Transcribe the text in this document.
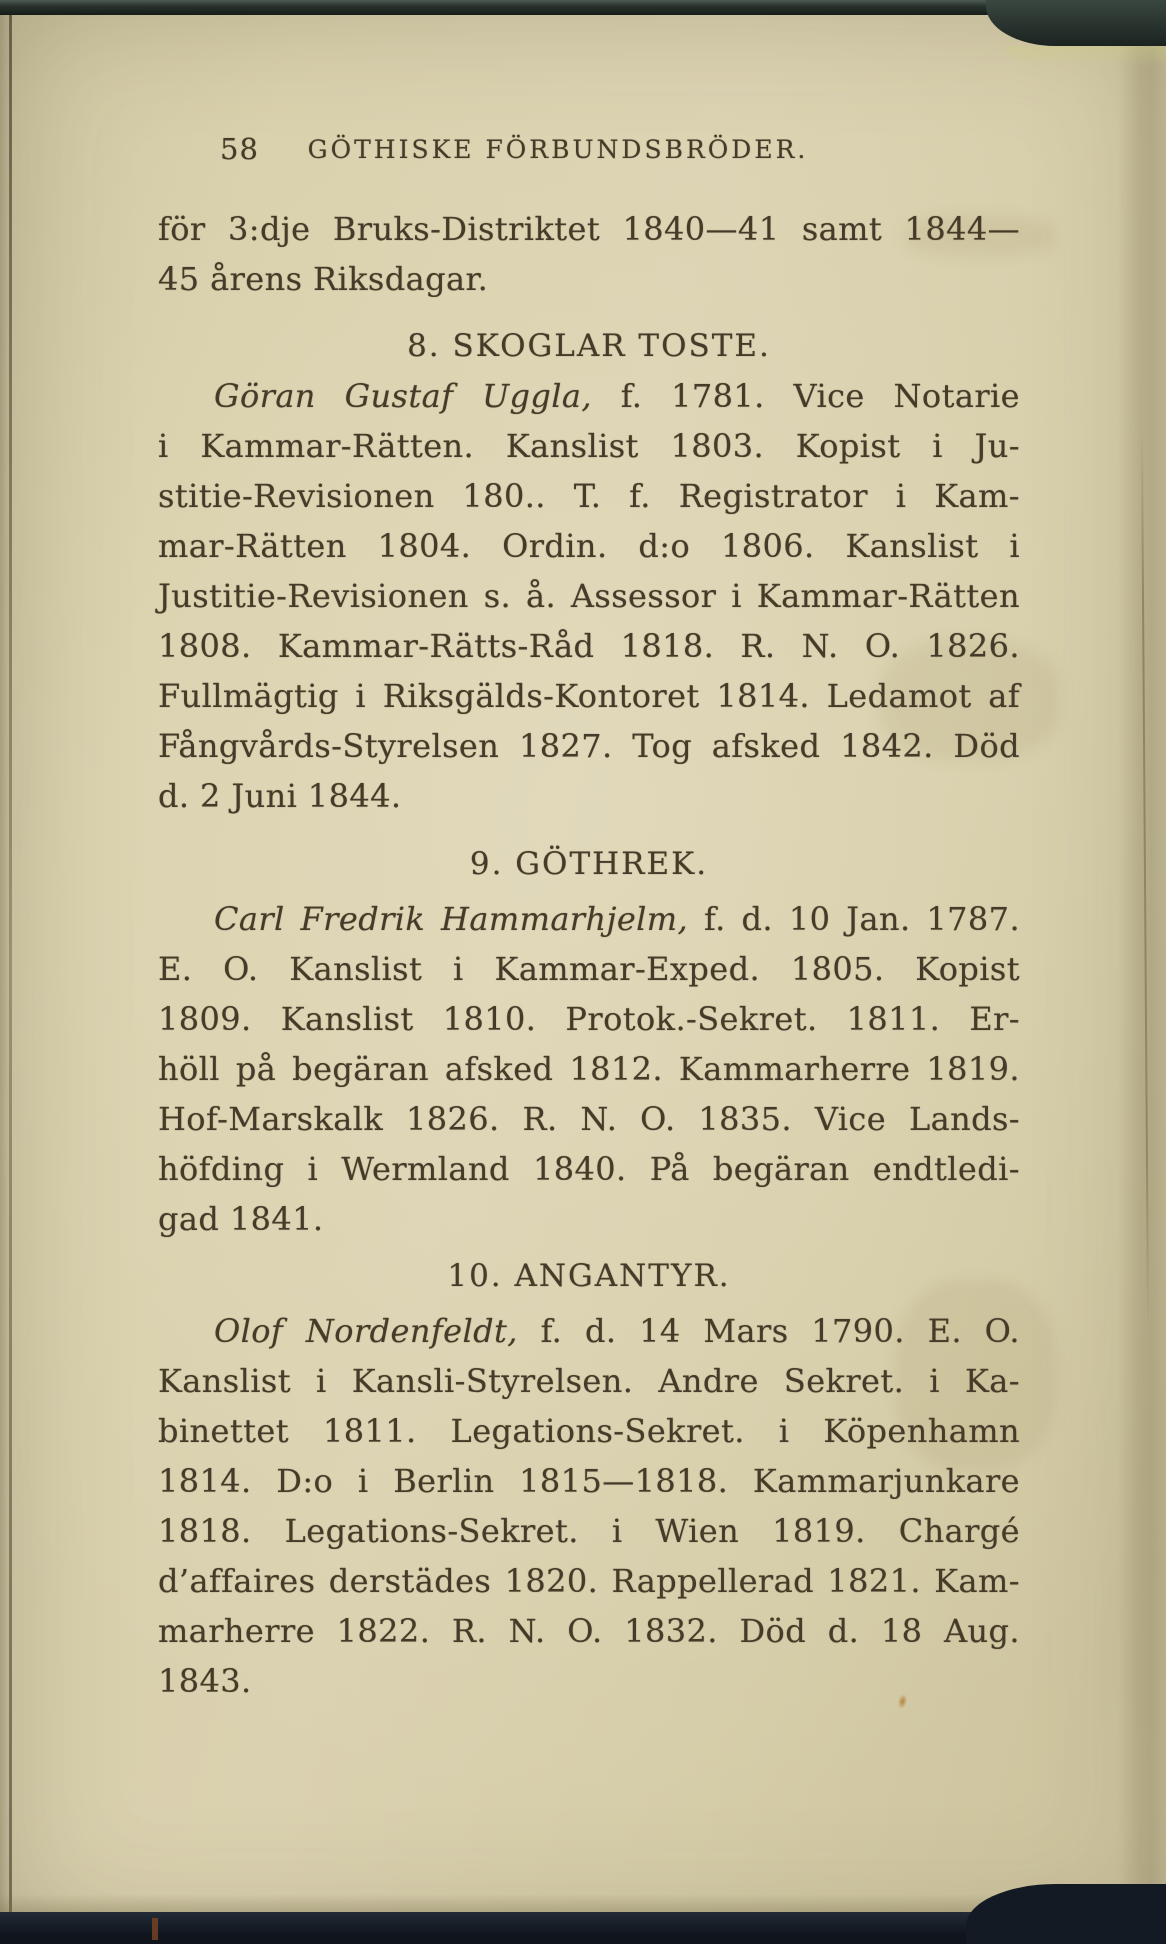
58	GÖTHISKE FÖRBUNDSBRÖDER.
för 3:dje Bruks-Distriktet 1840—41 samt 1844—
45 årens Riksdagar.
8. SKOGLAR TOSTE.
Göran Gustaf Uggla, f. 1781. Vice Notarie
i Kammar-Rätten. Kanslist 1803. Kopist i Ju-
stitie-Revisionen 180.. T. f. Registrator i Kam-
mar-Rätten 1804. Ordin. d:o 1806. Kanslist i
Justitie-Revisionen s. å. Assessor i Kammar-Rätten
1808. Kammar-Rätts-Råd 1818. R. N. O. 1826.
Fullmägtig i Riksgälds-Kontoret 1814. Ledamot af
Fångvårds-Styrelsen 1827. Tog afsked 1842. Död
d. 2 Juni 1844.
9. GÖTHREK.
Carl Fredrik Hammarhjelm, f. d. 10 Jan. 1787.
E. O. Kanslist i Kammar-Exped. 1805. Kopist
1809. Kanslist 1810. Protok.-Sekret. 1811. Er-
höll på begäran afsked 1812. Kammarherre 1819.
Hof-Marskalk 1826. R. N. O. 1835. Vice Lands-
höfding i Wermland 1840. På begäran endtledi-
gad 1841.
10. ANGANTYR.
Olof Nordenfeldt, f. d. 14 Mars 1790. E. O.
Kanslist i Kansli-Styrelsen. Andre Sekret. i Ka-
binettet 1811. Legations-Sekret. i Köpenhamn
1814. D:o i Berlin 1815—1818. Kammarjunkare
1818. Legations-Sekret. i Wien 1819. Chargé
d’affaires derstädes 1820. Rappellerad 1821. Kam-
marherre 1822. R. N. O. 1832. Död d. 18 Aug.
1843.
